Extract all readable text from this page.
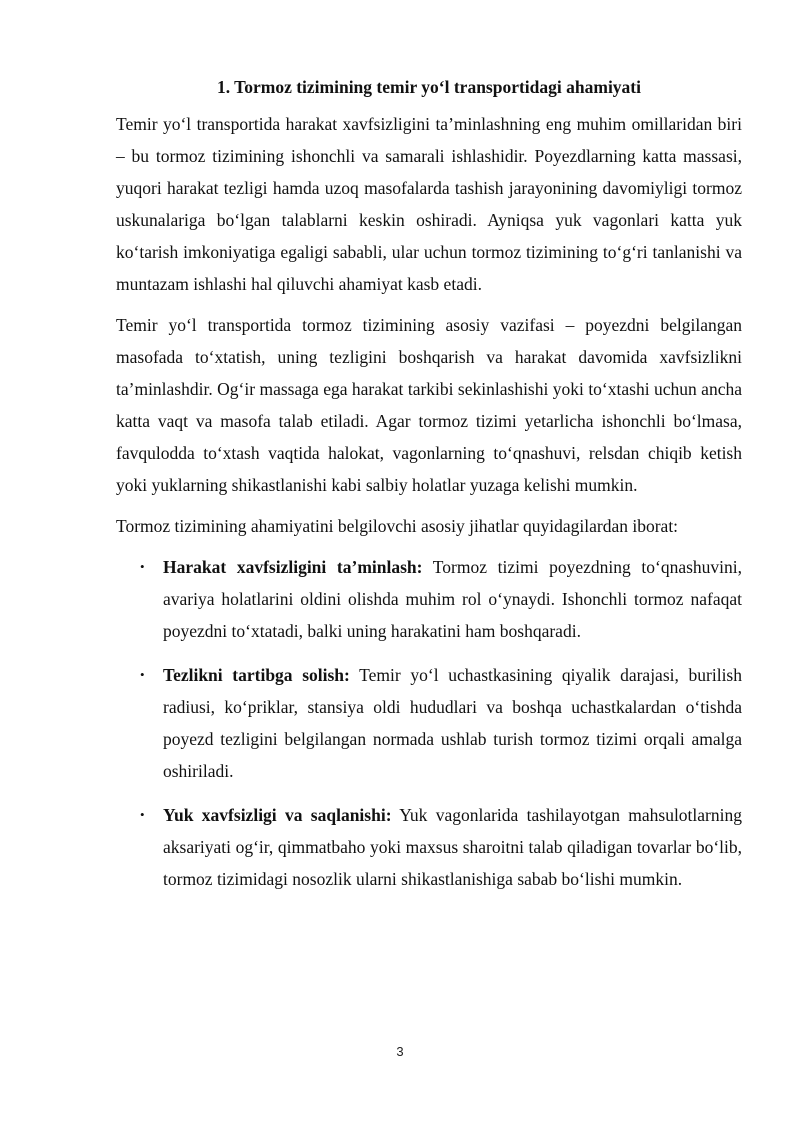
1. Tormoz tizimining temir yo‘l transportidagi ahamiyati

Temir yo‘l transportida harakat xavfsizligini ta’minlashning eng muhim omillaridan biri – bu tormoz tizimining ishonchli va samarali ishlashidir. Poyezdlarning katta massasi, yuqori harakat tezligi hamda uzoq masofalarda tashish jarayonining davomiyligi tormoz uskunalariga bo‘lgan talablarni keskin oshiradi. Ayniqsa yuk vagonlari katta yuk ko‘tarish imkoniyatiga egaligi sababli, ular uchun tormoz tizimining to‘g‘ri tanlanishi va muntazam ishlashi hal qiluvchi ahamiyat kasb etadi.

Temir yo‘l transportida tormoz tizimining asosiy vazifasi – poyezdni belgilangan masofada to‘xtatish, uning tezligini boshqarish va harakat davomida xavfsizlikni ta’minlashdir. Og‘ir massaga ega harakat tarkibi sekinlashishi yoki to‘xtashi uchun ancha katta vaqt va masofa talab etiladi. Agar tormoz tizimi yetarlicha ishonchli bo‘lmasa, favqulodda to‘xtash vaqtida halokat, vagonlarning to‘qnashuvi, relsdan chiqib ketish yoki yuklarning shikastlanishi kabi salbiy holatlar yuzaga kelishi mumkin.

Tormoz tizimining ahamiyatini belgilovchi asosiy jihatlar quyidagilardan iborat:

• Harakat xavfsizligini ta’minlash: Tormoz tizimi poyezdning to‘qnashuvini, avariya holatlarini oldini olishda muhim rol o‘ynaydi. Ishonchli tormoz nafaqat poyezdni to‘xtatadi, balki uning harakatini ham boshqaradi.
• Tezlikni tartibga solish: Temir yo‘l uchastkasining qiyalik darajasi, burilish radiusi, ko‘priklar, stansiya oldi hududlari va boshqa uchastkalardan o‘tishda poyezd tezligini belgilangan normada ushlab turish tormoz tizimi orqali amalga oshiriladi.
• Yuk xavfsizligi va saqlanishi: Yuk vagonlarida tashilayotgan mahsulotlarning aksariyati og‘ir, qimmatbaho yoki maxsus sharoitni talab qiladigan tovarlar bo‘lib, tormoz tizimidagi nosozlik ularni shikastlanishiga sabab bo‘lishi mumkin.
3
